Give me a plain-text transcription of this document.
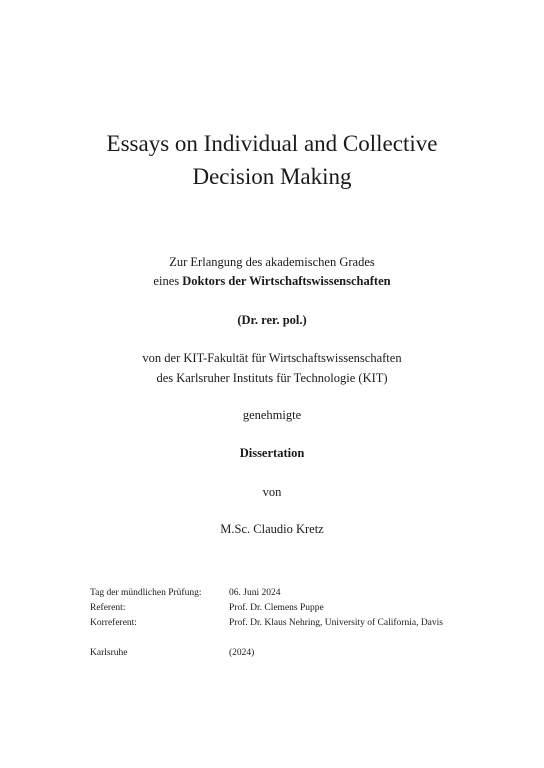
Essays on Individual and Collective
Decision Making

Zur Erlangung des akademischen Grades

eines Doktors der Wirtschaftswissenschaften

(Dr. rer. pol.)

von der KIT-Fakultät für Wirtschaftswissenschaften

des Karlsruher Instituts für Technologie (KIT)

genehmigte

Dissertation

von

M.Sc. Claudio Kretz

Tag der mündlichen Prüfung:	06. Juni 2024
Referent:	Prof. Dr. Clemens Puppe
Korreferent:	Prof. Dr. Klaus Nehring, University of California, Davis
Karlsruhe	(2024)
